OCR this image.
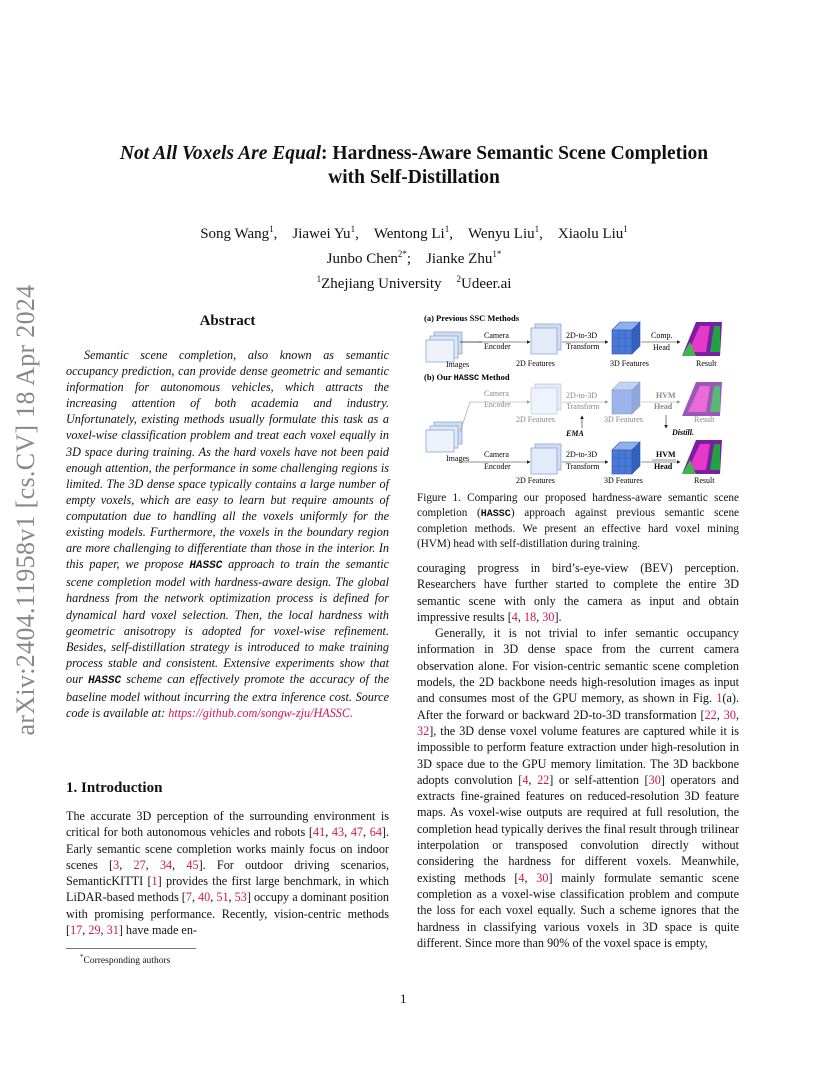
arXiv:2404.11958v1 [cs.CV] 18 Apr 2024
Not All Voxels Are Equal: Hardness-Aware Semantic Scene Completion
with Self-Distillation
Song Wang$^1$, Jiawei Yu$^1$, Wentong Li$^1$, Wenyu Liu$^1$, Xiaolu Liu$^1$
Junbo Chen$^{2*}$; Jianke Zhu$^{1*}$
$^1$Zhejiang University  $^2$Udeer.ai
Abstract
Semantic scene completion, also known as semantic occupancy prediction, can provide dense geometric and semantic information for autonomous vehicles, which attracts the increasing attention of both academia and industry. Unfortunately, existing methods usually formulate this task as a voxel-wise classification problem and treat each voxel equally in 3D space during training. As the hard voxels have not been paid enough attention, the performance in some challenging regions is limited. The 3D dense space typically contains a large number of empty voxels, which are easy to learn but require amounts of computation due to handling all the voxels uniformly for the existing models. Furthermore, the voxels in the boundary region are more challenging to differentiate than those in the interior. In this paper, we propose HASSC approach to train the semantic scene completion model with hardness-aware design. The global hardness from the network optimization process is defined for dynamical hard voxel selection. Then, the local hardness with geometric anisotropy is adopted for voxel-wise refinement. Besides, self-distillation strategy is introduced to make training process stable and consistent. Extensive experiments show that our HASSC scheme can effectively promote the accuracy of the baseline model without incurring the extra inference cost. Source code is available at: https://github.com/songw-zju/HASSC.
1. Introduction
The accurate 3D perception of the surrounding environment is critical for both autonomous vehicles and robots [41, 43, 47, 64]. Early semantic scene completion works mainly focus on indoor scenes [3, 27, 34, 45]. For outdoor driving scenarios, SemanticKITTI [1] provides the first large benchmark, in which LiDAR-based methods [7, 40, 51, 53] occupy a dominant position with promising performance. Recently, vision-centric methods [17, 29, 31] have made en-
*Corresponding authors
(a) Previous SSC Methods
Images
Camera
Encoder
2D Features
2D-to-3D
Transform
3D Features
Comp.
Head
Result
(b) Our HASSC Method
Camera
Encoder
2D Features
2D-to-3D
Transform
3D Features
HVM
Head
Result
EMA	Distill.
Images Camera
Encoder
2D Features
2D-to-3D
Transform
3D Features
HVM
Head
Result
Figure 1. Comparing our proposed hardness-aware semantic scene completion (HASSC) approach against previous semantic scene completion methods. We present an effective hard voxel mining (HVM) head with self-distillation during training.
couraging progress in bird’s-eye-view (BEV) perception. Researchers have further started to complete the entire 3D semantic scene with only the camera as input and obtain impressive results [4, 18, 30].
Generally, it is not trivial to infer semantic occupancy information in 3D dense space from the current camera observation alone. For vision-centric semantic scene completion models, the 2D backbone needs high-resolution images as input and consumes most of the GPU memory, as shown in Fig. 1(a). After the forward or backward 2D-to-3D transformation [22, 30, 32], the 3D dense voxel volume features are captured while it is impossible to perform feature extraction under high-resolution in 3D space due to the GPU memory limitation. The 3D backbone adopts convolution [4, 22] or self-attention [30] operators and extracts fine-grained features on reduced-resolution 3D feature maps. As voxel-wise outputs are required at full resolution, the completion head typically derives the final result through trilinear interpolation or transposed convolution directly without considering the hardness for different voxels. Meanwhile, existing methods [4, 30] mainly formulate semantic scene completion as a voxel-wise classification problem and compute the loss for each voxel equally. Such a scheme ignores that the hardness in classifying various voxels in 3D space is quite different. Since more than 90% of the voxel space is empty,
1
